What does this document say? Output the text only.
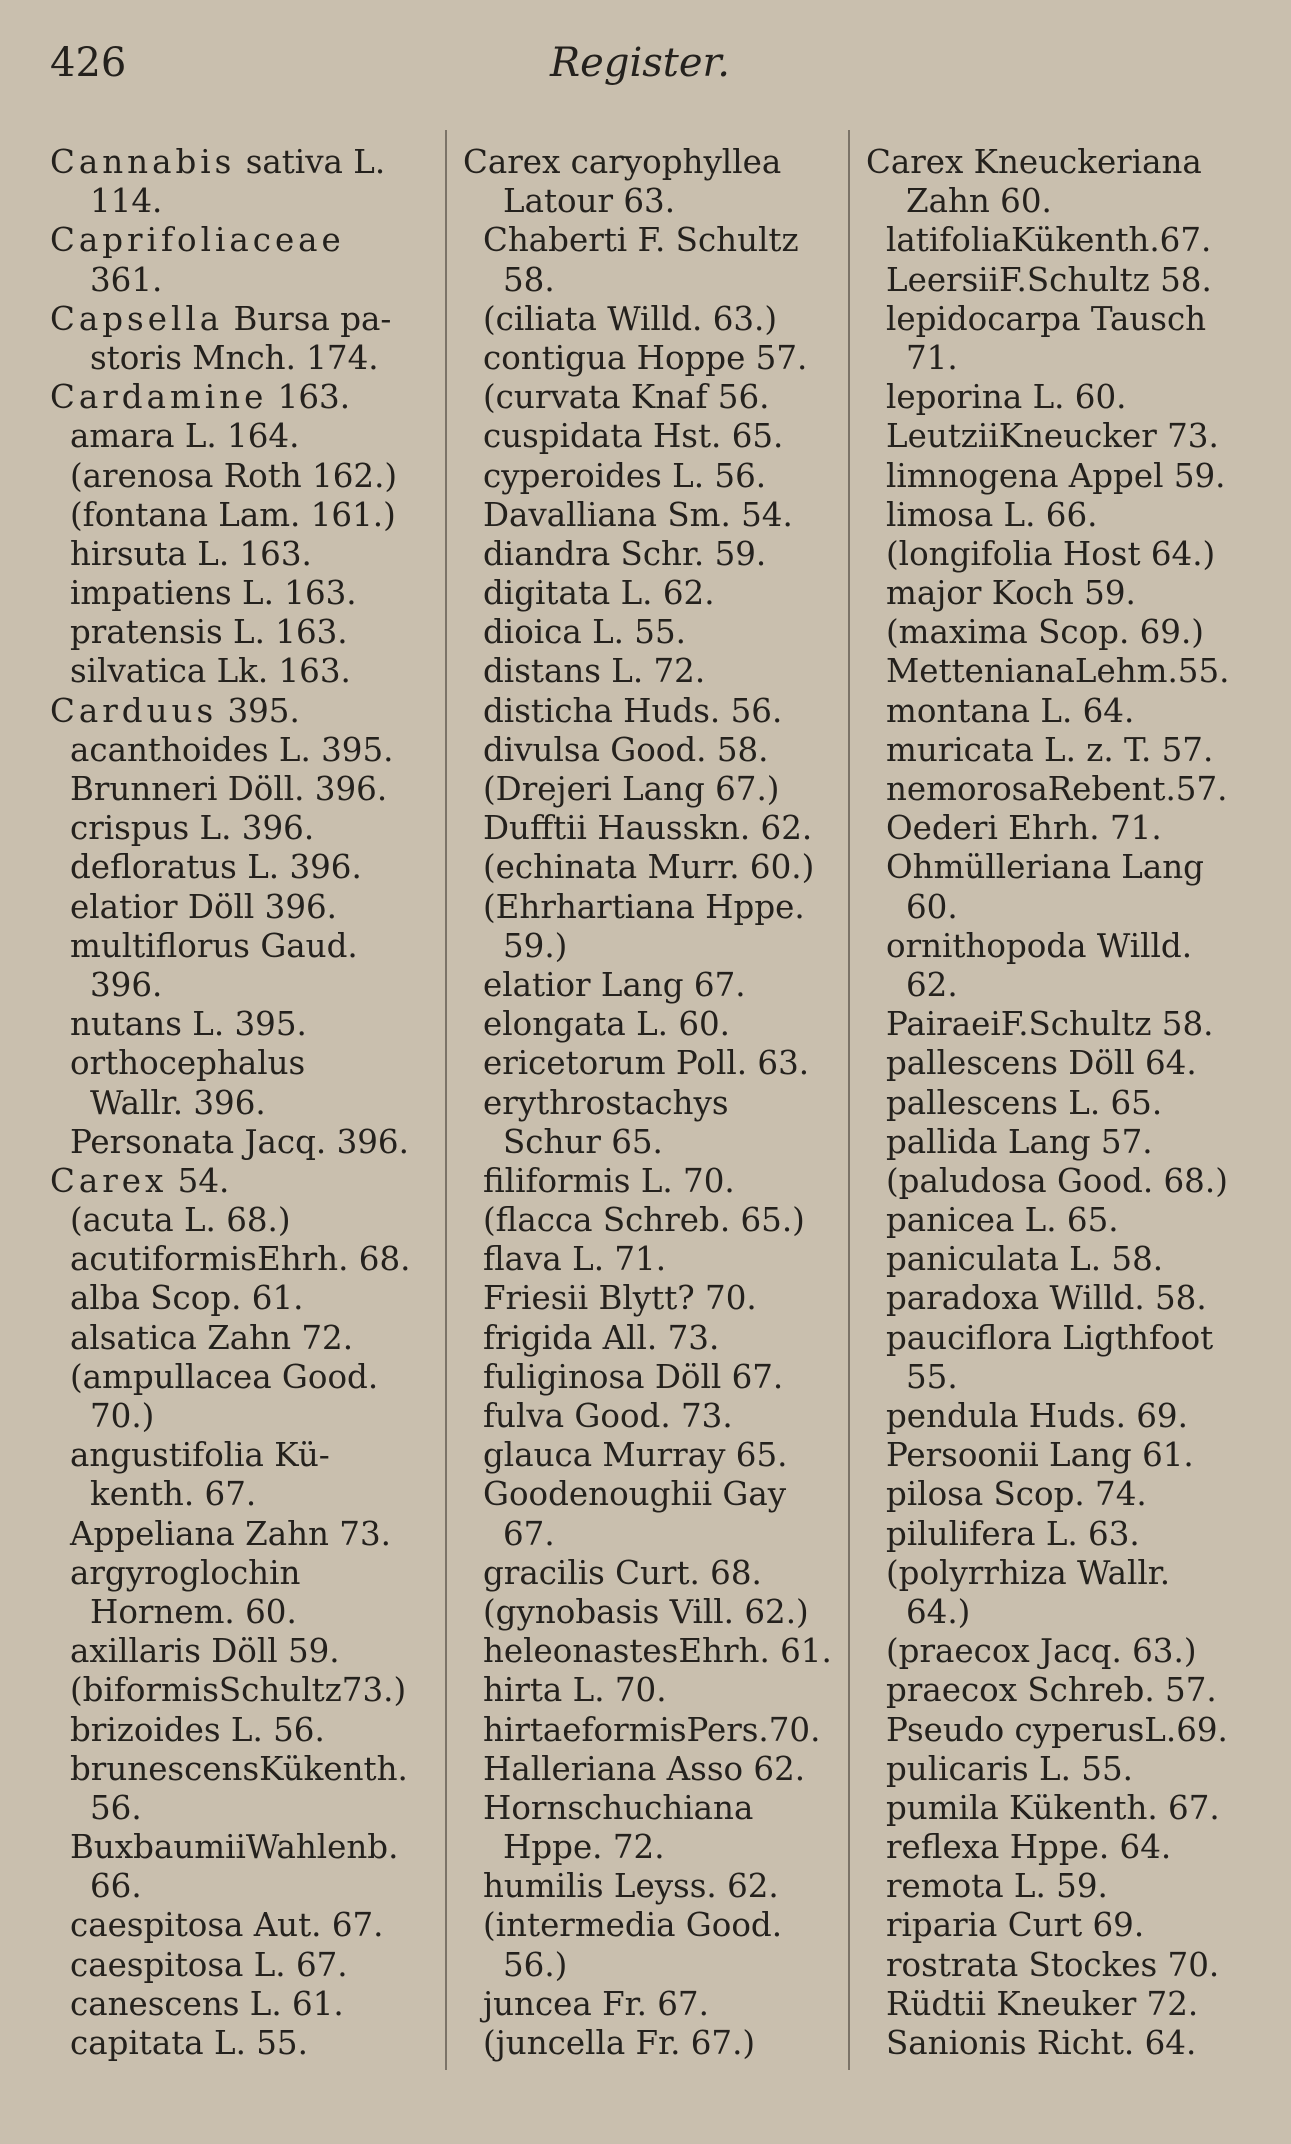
426	Register.
Cannabis sativa L.
114.
Caprifoliaceae
361.
Capsella Bursa pa-
storis Mnch. 174.
Cardamine 163.
amara L. 164.
(arenosa Roth 162.)
(fontana Lam. 161.)
hirsuta L. 163.
impatiens L. 163.
pratensis L. 163.
silvatica Lk. 163.
Carduus 395.
acanthoides L. 395.
Brunneri Döll. 396.
crispus L. 396.
defloratus L. 396.
elatior Döll 396.
multiflorus Gaud.
396.
nutans L. 395.
orthocephalus
Wallr. 396.
Personata Jacq. 396.
Carex 54.
(acuta L. 68.)
acutiformisEhrh. 68.
alba Scop. 61.
alsatica Zahn 72.
(ampullacea Good.
70.)
angustifolia Kü-
kenth. 67.
Appeliana Zahn 73.
argyroglochin
Hornem. 60.
axillaris Döll 59.
(biformisSchultz73.)
brizoides L. 56.
brunescensKükenth.
56.
BuxbaumiiWahlenb.
66.
caespitosa Aut. 67.
caespitosa L. 67.
canescens L. 61.
capitata L. 55.
Carex caryophyllea
Latour 63.
Chaberti F. Schultz
58.
(ciliata Willd. 63.)
contigua Hoppe 57.
(curvata Knaf 56.
cuspidata Hst. 65.
cyperoides L. 56.
Davalliana Sm. 54.
diandra Schr. 59.
digitata L. 62.
dioica L. 55.
distans L. 72.
disticha Huds. 56.
divulsa Good. 58.
(Drejeri Lang 67.)
Dufftii Hausskn. 62.
(echinata Murr. 60.)
(Ehrhartiana Hppe.
59.)
elatior Lang 67.
elongata L. 60.
ericetorum Poll. 63.
erythrostachys
Schur 65.
filiformis L. 70.
(flacca Schreb. 65.)
flava L. 71.
Friesii Blytt? 70.
frigida All. 73.
fuliginosa Döll 67.
fulva Good. 73.
glauca Murray 65.
Goodenoughii Gay
67.
gracilis Curt. 68.
(gynobasis Vill. 62.)
heleonastesEhrh. 61.
hirta L. 70.
hirtaeformisPers.70.
Halleriana Asso 62.
Hornschuchiana
Hppe. 72.
humilis Leyss. 62.
(intermedia Good.
56.)
juncea Fr. 67.
(juncella Fr. 67.)
Carex Kneuckeriana
Zahn 60.
latifoliaKükenth.67.
LeersiiF.Schultz 58.
lepidocarpa Tausch
71.
leporina L. 60.
LeutziiKneucker 73.
limnogena Appel 59.
limosa L. 66.
(longifolia Host 64.)
major Koch 59.
(maxima Scop. 69.)
MettenianaLehm.55.
montana L. 64.
muricata L. z. T. 57.
nemorosaRebent.57.
Oederi Ehrh. 71.
Ohmülleriana Lang
60.
ornithopoda Willd.
62.
PairaeiF.Schultz 58.
pallescens Döll 64.
pallescens L. 65.
pallida Lang 57.
(paludosa Good. 68.)
panicea L. 65.
paniculata L. 58.
paradoxa Willd. 58.
pauciflora Ligthfoot
55.
pendula Huds. 69.
Persoonii Lang 61.
pilosa Scop. 74.
pilulifera L. 63.
(polyrrhiza Wallr.
64.)
(praecox Jacq. 63.)
praecox Schreb. 57.
Pseudo cyperusL.69.
pulicaris L. 55.
pumila Kükenth. 67.
reflexa Hppe. 64.
remota L. 59.
riparia Curt 69.
rostrata Stockes 70.
Rüdtii Kneuker 72.
Sanionis Richt. 64.
